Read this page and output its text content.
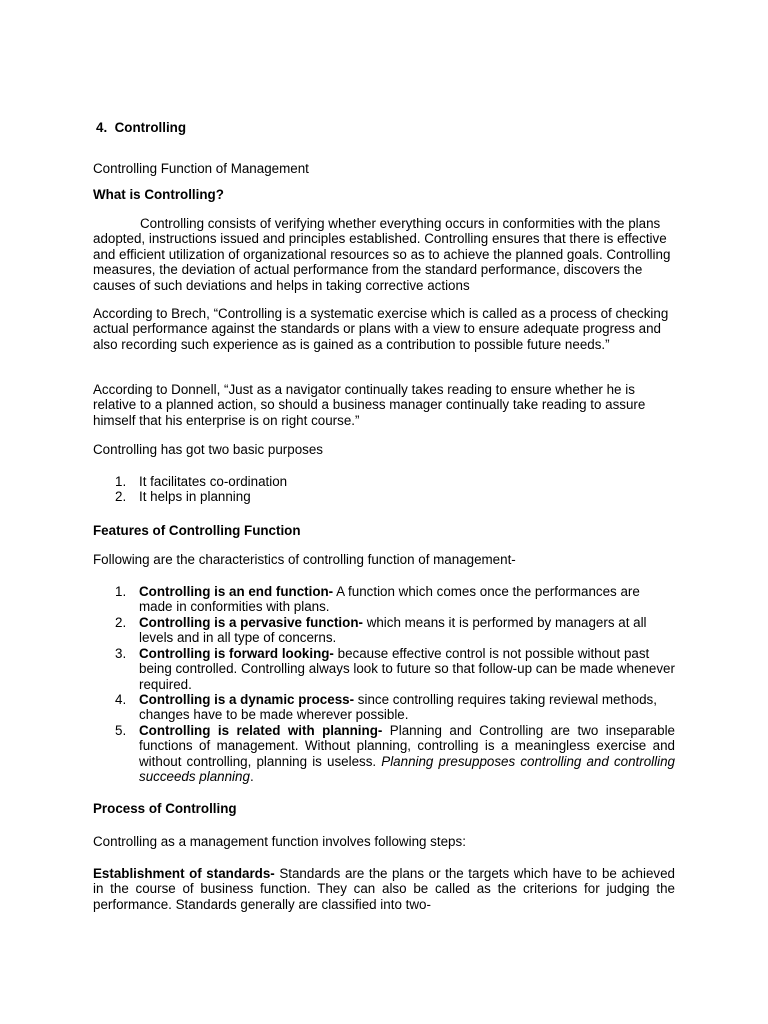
4. Controlling
Controlling Function of Management
What is Controlling?

Controlling consists of verifying whether everything occurs in conformities with the plans adopted, instructions issued and principles established. Controlling ensures that there is effective and efficient utilization of organizational resources so as to achieve the planned goals. Controlling measures, the deviation of actual performance from the standard performance, discovers the causes of such deviations and helps in taking corrective actions

According to Brech, “Controlling is a systematic exercise which is called as a process of checking actual performance against the standards or plans with a view to ensure adequate progress and also recording such experience as is gained as a contribution to possible future needs.”

According to Donnell, “Just as a navigator continually takes reading to ensure whether he is relative to a planned action, so should a business manager continually take reading to assure himself that his enterprise is on right course.”

Controlling has got two basic purposes
1. It facilitates co-ordination
2. It helps in planning
Features of Controlling Function
Following are the characteristics of controlling function of management-
1. Controlling is an end function- A function which comes once the performances are made in conformities with plans.
2. Controlling is a pervasive function- which means it is performed by managers at all levels and in all type of concerns.
3. Controlling is forward looking- because effective control is not possible without past being controlled. Controlling always look to future so that follow-up can be made whenever required.
4. Controlling is a dynamic process- since controlling requires taking reviewal methods, changes have to be made wherever possible.
5. Controlling is related with planning- Planning and Controlling are two inseparable functions of management. Without planning, controlling is a meaningless exercise and without controlling, planning is useless. Planning presupposes controlling and controlling succeeds planning.
Process of Controlling
Controlling as a management function involves following steps:

Establishment of standards- Standards are the plans or the targets which have to be achieved in the course of business function. They can also be called as the criterions for judging the performance. Standards generally are classified into two-
